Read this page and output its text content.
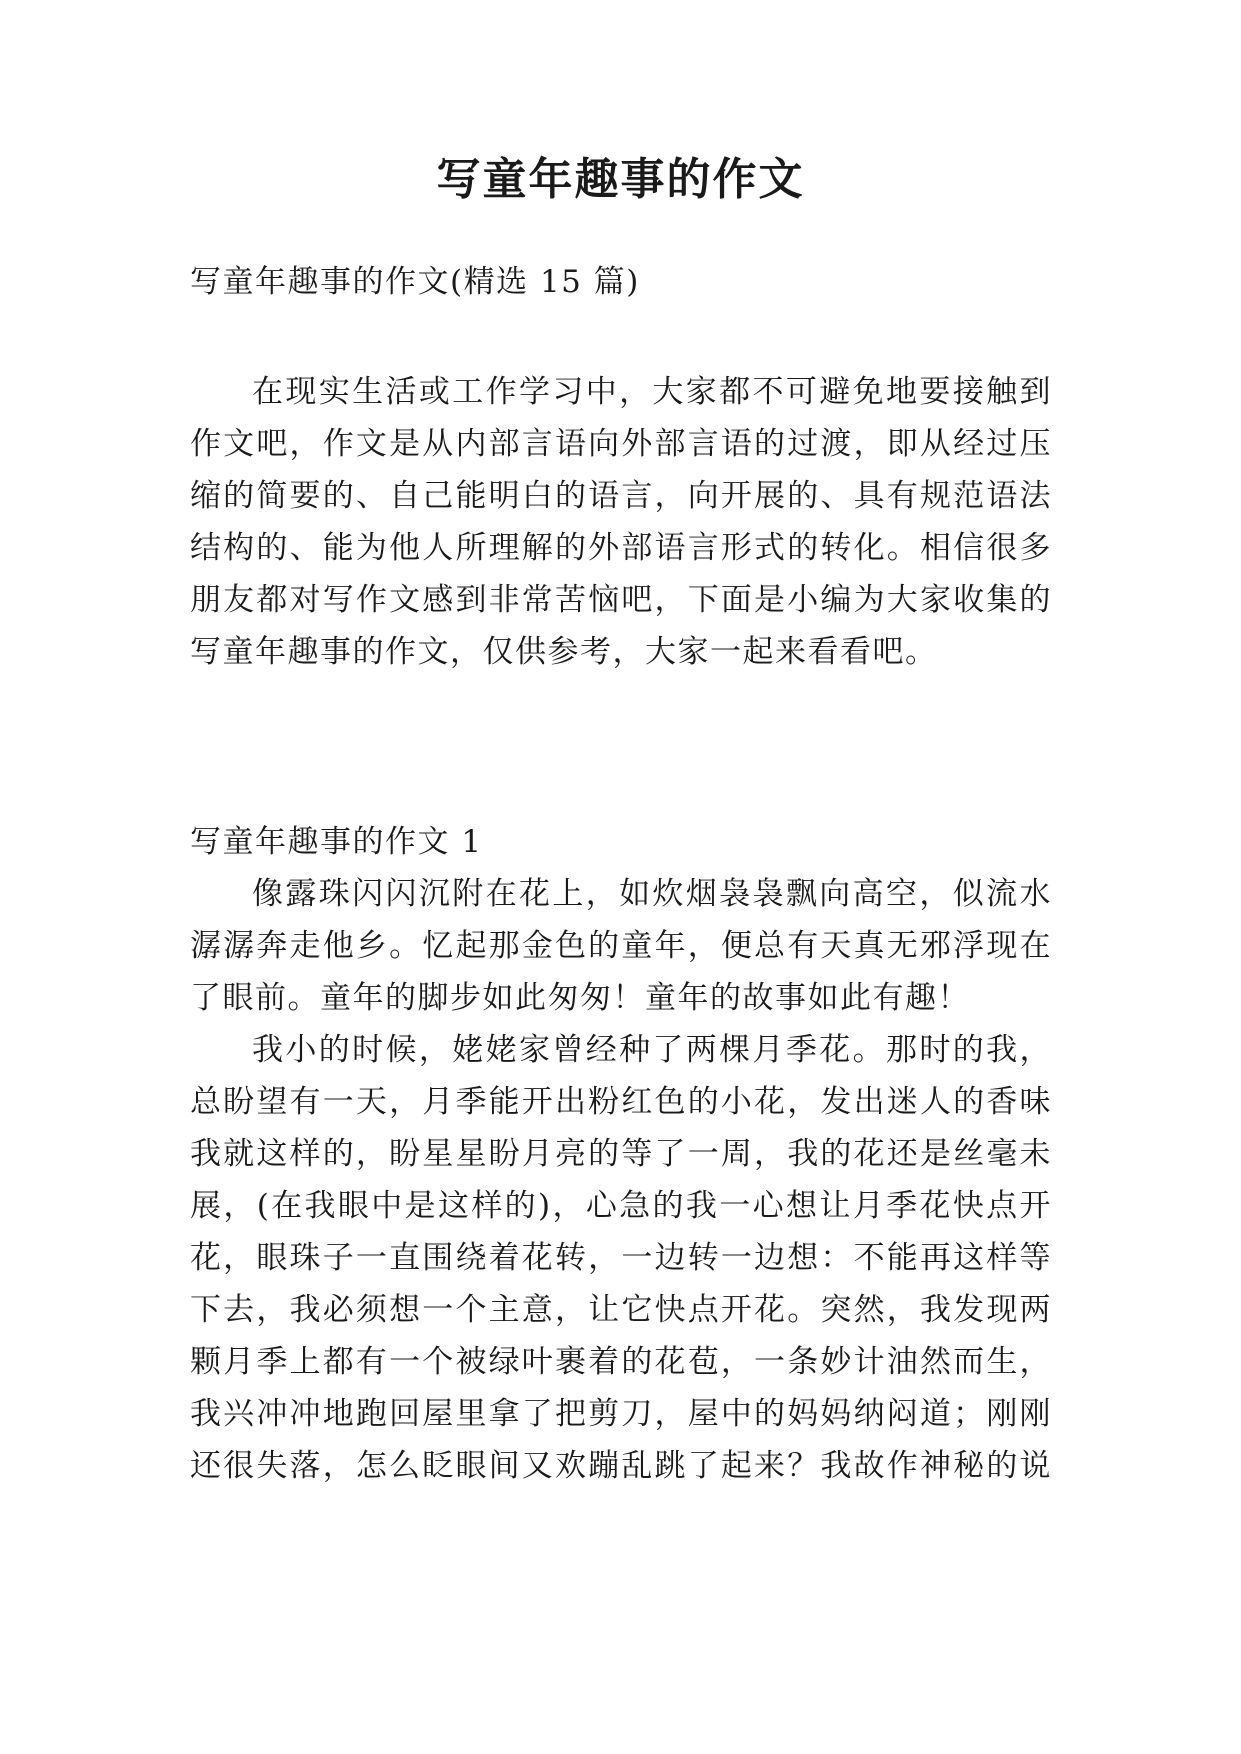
写童年趣事的作文
写童年趣事的作文(精选 15 篇)
在现实生活或工作学习中，大家都不可避免地要接触到
作文吧，作文是从内部言语向外部言语的过渡，即从经过压
缩的简要的、自己能明白的语言，向开展的、具有规范语法
结构的、能为他人所理解的外部语言形式的转化。相信很多
朋友都对写作文感到非常苦恼吧，下面是小编为大家收集的
写童年趣事的作文，仅供参考，大家一起来看看吧。
写童年趣事的作文 1
像露珠闪闪沉附在花上，如炊烟袅袅飘向高空，似流水
潺潺奔走他乡。忆起那金色的童年，便总有天真无邪浮现在
了眼前。童年的脚步如此匆匆！童年的故事如此有趣！
我小的时候，姥姥家曾经种了两棵月季花。那时的我，
总盼望有一天，月季能开出粉红色的小花，发出迷人的香味
我就这样的，盼星星盼月亮的等了一周，我的花还是丝毫未
展，(在我眼中是这样的)，心急的我一心想让月季花快点开
花，眼珠子一直围绕着花转，一边转一边想：不能再这样等
下去，我必须想一个主意，让它快点开花。突然，我发现两
颗月季上都有一个被绿叶裹着的花苞，一条妙计油然而生，
我兴冲冲地跑回屋里拿了把剪刀，屋中的妈妈纳闷道；刚刚
还很失落，怎么眨眼间又欢蹦乱跳了起来？我故作神秘的说
